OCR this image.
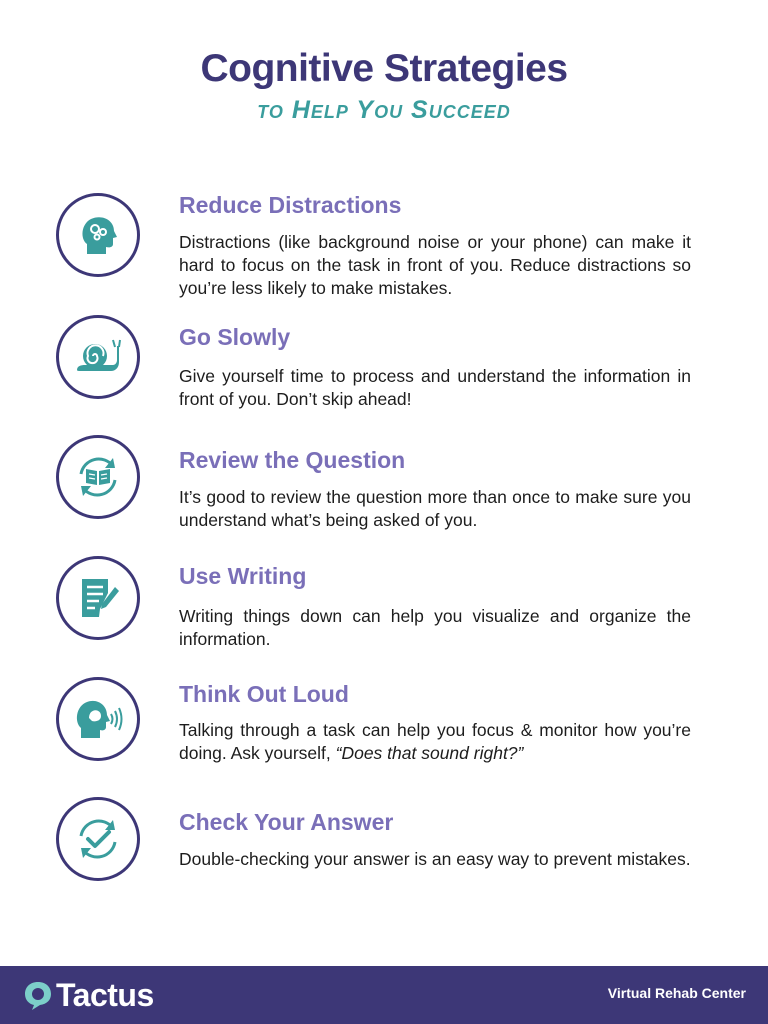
Cognitive Strategies
to Help You Succeed
Reduce Distractions
Distractions (like background noise or your phone) can make it hard to focus on the task in front of you. Reduce distractions so you’re less likely to make mistakes.
Go Slowly
Give yourself time to process and understand the information in front of you. Don’t skip ahead!
Review the Question
It’s good to review the question more than once to make sure you understand what’s being asked of you.
Use Writing
Writing things down can help you visualize and organize the information.
Think Out Loud
Talking through a task can help you focus & monitor how you’re doing. Ask yourself, “Does that sound right?”
Check Your Answer
Double-checking your answer is an easy way to prevent mistakes.
Tactus	Virtual Rehab Center
